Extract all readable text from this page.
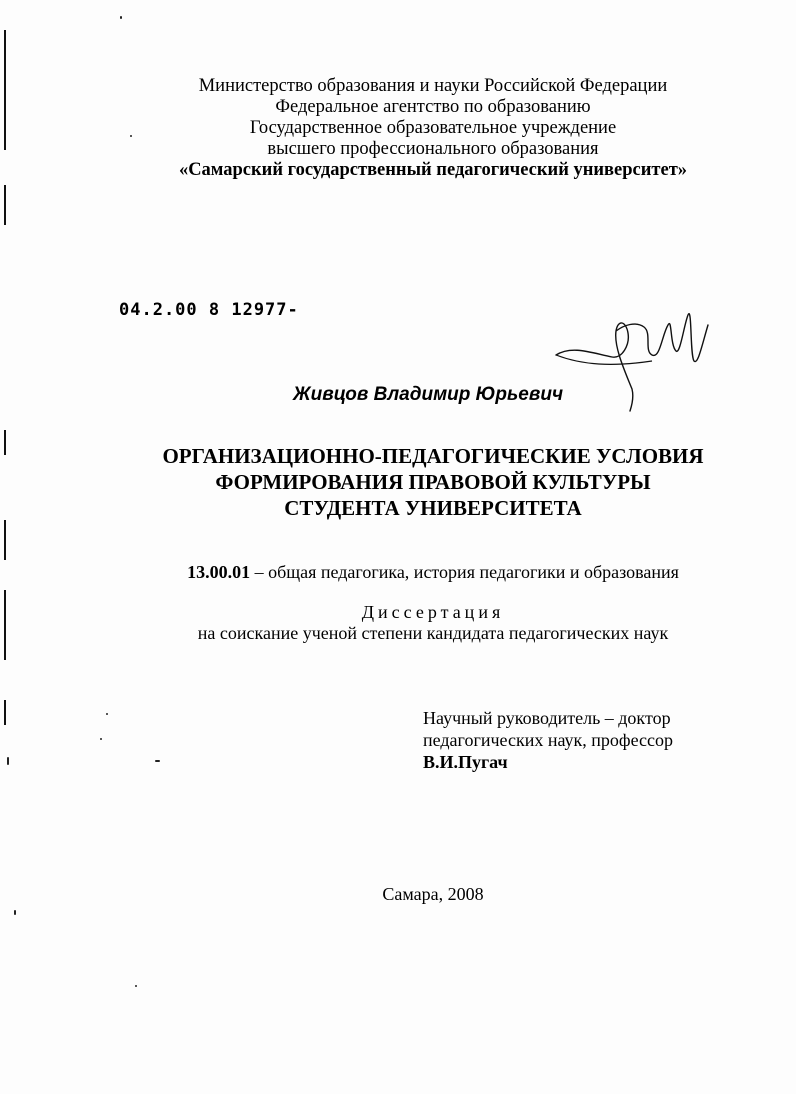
Министерство образования и науки Российской Федерации
Федеральное агентство по образованию
Государственное образовательное учреждение
высшего профессионального образования
«Самарский государственный педагогический университет»
04.2.00 8 12977-
Живцов Владимир Юрьевич
ОРГАНИЗАЦИОННО-ПЕДАГОГИЧЕСКИЕ УСЛОВИЯ
ФОРМИРОВАНИЯ ПРАВОВОЙ КУЛЬТУРЫ
СТУДЕНТА УНИВЕРСИТЕТА
13.00.01 – общая педагогика, история педагогики и образования
Диссертация
на соискание ученой степени кандидата педагогических наук
Научный руководитель – доктор
педагогических наук, профессор
В.И.Пугач
Самара, 2008
